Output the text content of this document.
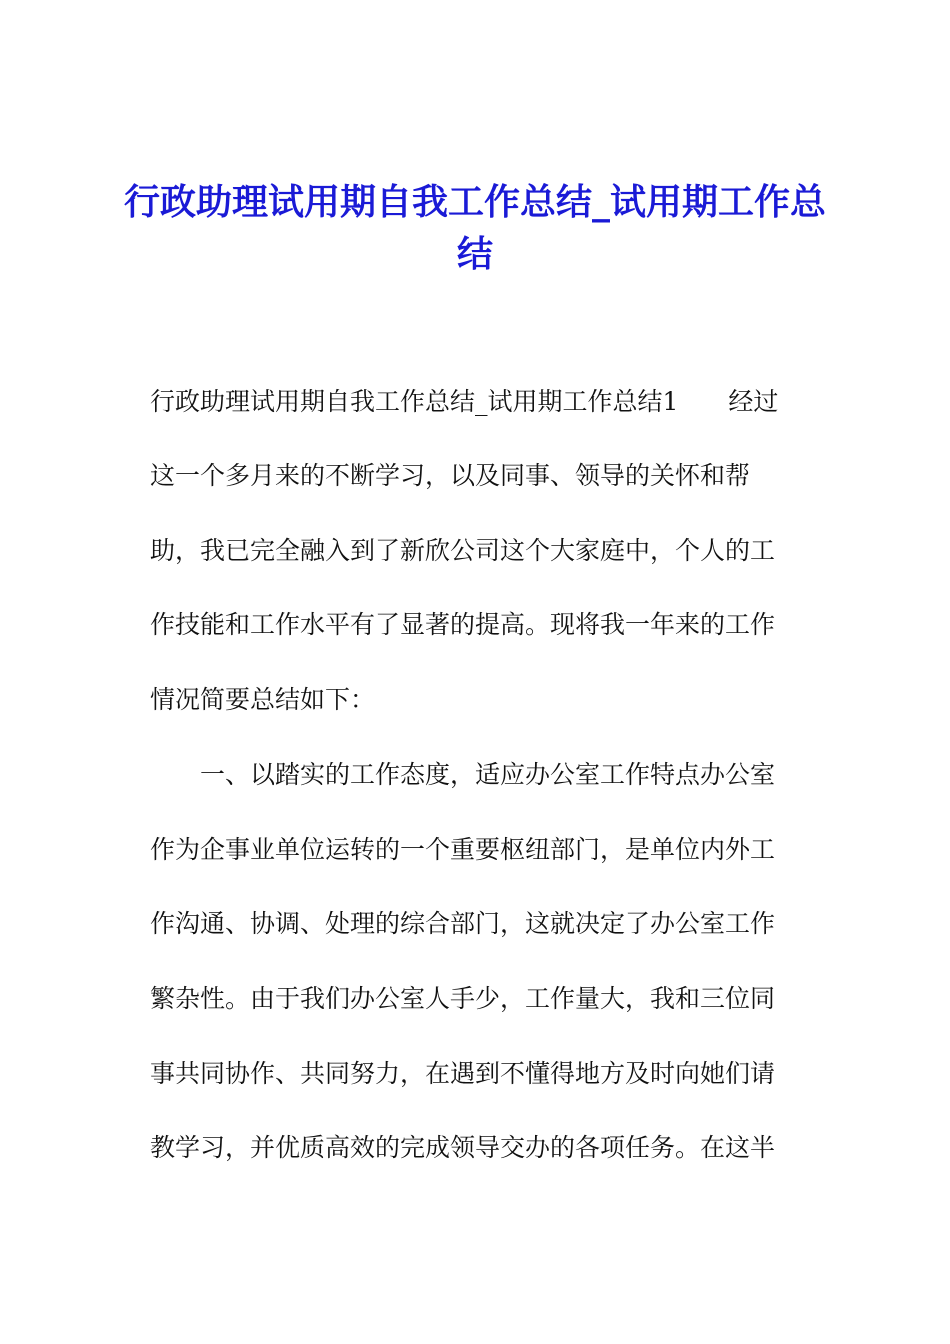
行政助理试用期自我工作总结_试用期工作总结
行政助理试用期自我工作总结_试用期工作总结1　　经过
这一个多月来的不断学习，以及同事、领导的关怀和帮
助，我已完全融入到了新欣公司这个大家庭中，个人的工
作技能和工作水平有了显著的提高。现将我一年来的工作
情况简要总结如下：
　　一、以踏实的工作态度，适应办公室工作特点办公室
作为企事业单位运转的一个重要枢纽部门，是单位内外工
作沟通、协调、处理的综合部门，这就决定了办公室工作
繁杂性。由于我们办公室人手少，工作量大，我和三位同
事共同协作、共同努力，在遇到不懂得地方及时向她们请
教学习，并优质高效的完成领导交办的各项任务。在这半
